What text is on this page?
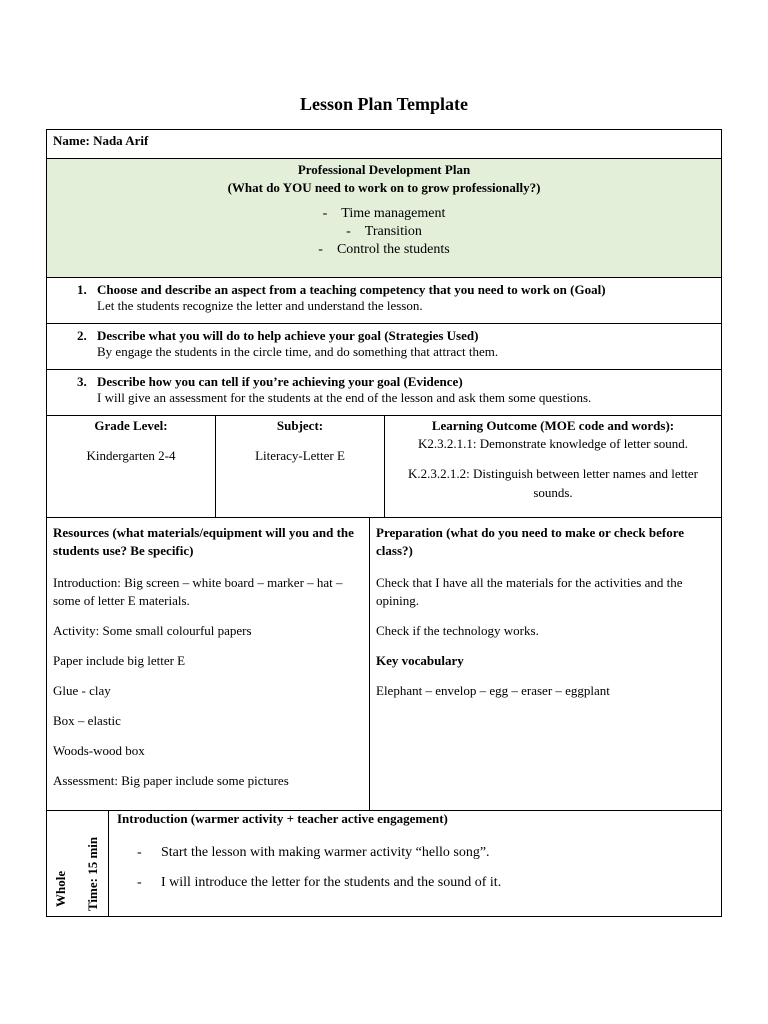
Lesson Plan Template
Name: Nada Arif
Professional Development Plan
(What do YOU need to work on to grow professionally?)
- Time management
- Transition
- Control the students
1. Choose and describe an aspect from a teaching competency that you need to work on (Goal)
Let the students recognize the letter and understand the lesson.
2. Describe what you will do to help achieve your goal (Strategies Used)
By engage the students in the circle time, and do something that attract them.
3. Describe how you can tell if you’re achieving your goal (Evidence)
I will give an assessment for the students at the end of the lesson and ask them some questions.
Grade Level:
Kindergarten 2-4
Subject:
Literacy-Letter E
Learning Outcome (MOE code and words):
K2.3.2.1.1: Demonstrate knowledge of letter sound.
K.2.3.2.1.2: Distinguish between letter names and letter sounds.

Resources (what materials/equipment will you and the students use? Be specific)

Introduction: Big screen – white board – marker – hat – some of letter E materials.

Activity: Some small colourful papers

Paper include big letter E

Glue - clay

Box – elastic

Woods-wood box

Assessment: Big paper include some pictures

Preparation (what do you need to make or check before class?)

Check that I have all the materials for the activities and the opining.

Check if the technology works.

Key vocabulary

Elephant – envelop – egg – eraser – eggplant

Whole Time: 15 min
Introduction (warmer activity + teacher active engagement)
- Start the lesson with making warmer activity “hello song”.
- I will introduce the letter for the students and the sound of it.
